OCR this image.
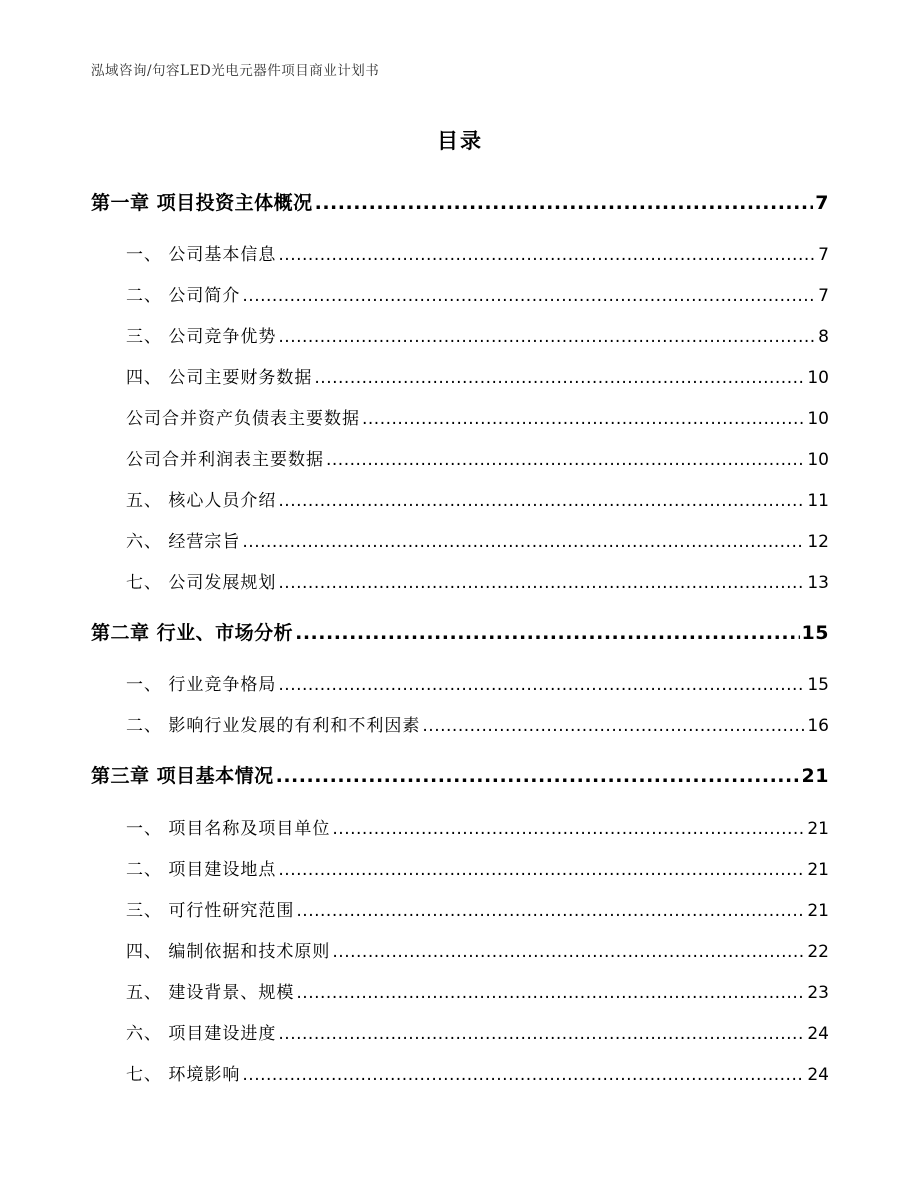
泓域咨询/句容LED光电元器件项目商业计划书
目录
第一章 项目投资主体概况 .....	7
一、 公司基本信息 .....	7
二、 公司简介 .....	7
三、 公司竞争优势 .....	8
四、 公司主要财务数据 .....	10
公司合并资产负债表主要数据 .....	10
公司合并利润表主要数据 .....	10
五、 核心人员介绍 .....	11
六、 经营宗旨 .....	12
七、 公司发展规划 .....	13
第二章 行业、市场分析 .....	15
一、 行业竞争格局 .....	15
二、 影响行业发展的有利和不利因素 .....	16
第三章 项目基本情况 .....	21
一、 项目名称及项目单位 .....	21
二、 项目建设地点 .....	21
三、 可行性研究范围 .....	21
四、 编制依据和技术原则 .....	22
五、 建设背景、规模 .....	23
六、 项目建设进度 .....	24
七、 环境影响 .....	24
